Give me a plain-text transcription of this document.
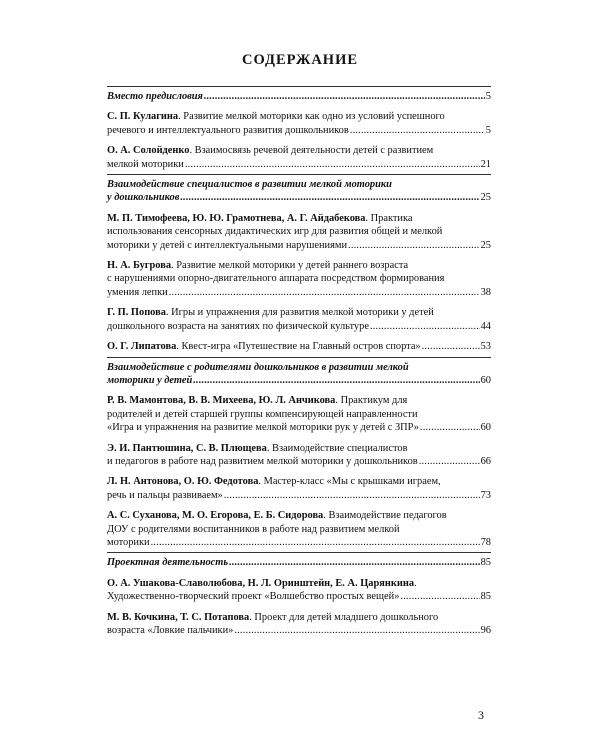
СОДЕРЖАНИЕ
Вместо предисловия .....	5
С. П. Кулагина. Развитие мелкой моторики как одно из условий успешного
речевого и интеллектуального развития дошкольников .....	5
О. А. Солойденко. Взаимосвязь речевой деятельности детей с развитием
мелкой моторики .....	21
Взаимодействие специалистов в развитии мелкой моторики
у дошкольников .....	25
М. П. Тимофеева, Ю. Ю. Грамотнева, А. Г. Айдабекова. Практика
использования сенсорных дидактических игр для развития общей и мелкой
моторики у детей с интеллектуальными нарушениями .....	25
Н. А. Бугрова. Развитие мелкой моторики у детей раннего возраста
с нарушениями опорно-двигательного аппарата посредством формирования
умения лепки .....	38
Г. П. Попова. Игры и упражнения для развития мелкой моторики у детей
дошкольного возраста на занятиях по физической культуре .....	44
О. Г. Липатова. Квест-игра «Путешествие на Главный остров спорта» .....	53
Взаимодействие с родителями дошкольников в развитии мелкой
моторики у детей .....	60
Р. В. Мамонтова, В. В. Михеева, Ю. Л. Анчикова. Практикум для
родителей и детей старшей группы компенсирующей направленности
«Игра и упражнения на развитие мелкой моторики рук у детей с ЗПР» .....	60
Э. И. Пантюшина, С. В. Плющева. Взаимодействие специалистов
и педагогов в работе над развитием мелкой моторики у дошкольников .....	66
Л. Н. Антонова, О. Ю. Федотова. Мастер-класс «Мы с крышками играем,
речь и пальцы развиваем» .....	73
А. С. Суханова, М. О. Егорова, Е. Б. Сидорова. Взаимодействие педагогов
ДОУ с родителями воспитанников в работе над развитием мелкой
моторики .....	78
Проектная деятельность .....	85
О. А. Ушакова-Славолюбова, Н. Л. Оринштейн, Е. А. Царянкина.
Художественно-творческий проект «Волшебство простых вещей» .....	85
М. В. Кочкина, Т. С. Потапова. Проект для детей младшего дошкольного
возраста «Ловкие пальчики» .....	96
3
